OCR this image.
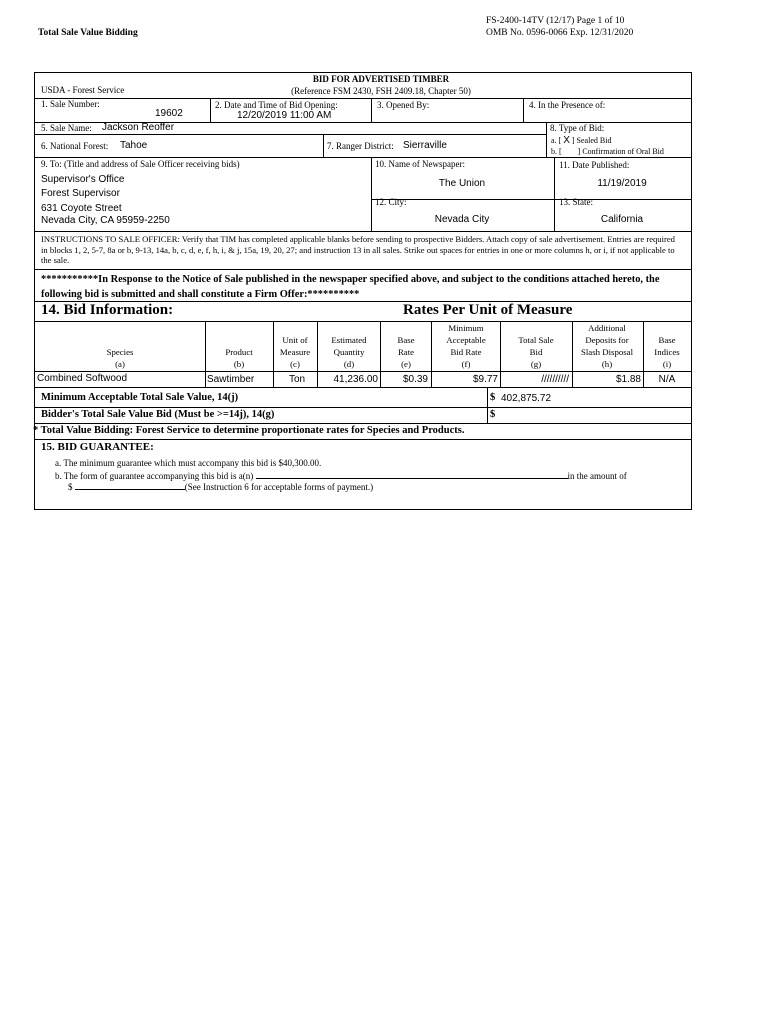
Total Sale Value Bidding
FS-2400-14TV (12/17) Page 1 of 10
OMB No. 0596-0066 Exp. 12/31/2020
USDA - Forest Service
BID FOR ADVERTISED TIMBER
(Reference FSM 2430, FSH 2409.18, Chapter 50)
1. Sale Number:
19602
2. Date and Time of Bid Opening:
12/20/2019 11:00 AM
3. Opened By:	4. In the Presence of:
5. Sale Name: Jackson Reoffer	8. Type of Bid:
a. [ X ] Sealed Bid
b. [ ] Confirmation of Oral Bid
6. National Forest: Tahoe	7. Ranger District: Sierraville
9. To: (Title and address of Sale Officer receiving bids)
Supervisor's Office
Forest Supervisor
631 Coyote Street
Nevada City, CA 95959-2250
10. Name of Newspaper:
The Union
11. Date Published:
11/19/2019
12. City:
Nevada City
13. State:
California
INSTRUCTIONS TO SALE OFFICER: Verify that TIM has completed applicable blanks before sending to prospective Bidders. Attach copy of sale advertisement. Entries are required in blocks 1, 2, 5-7, 8a or b, 9-13, 14a, b, c, d, e, f, h, i, & j, 15a, 19, 20, 27; and instruction 13 in all sales. Strike out spaces for entries in one or more columns h, or i, if not applicable to the sale.
***********In Response to the Notice of Sale published in the newspaper specified above, and subject to the conditions attached hereto, the following bid is submitted and shall constitute a Firm Offer:**********
14. Bid Information:	Rates Per Unit of Measure
Species
(a)
Product
(b)
Unit of
Measure
(c)
Estimated
Quantity
(d)
Base
Rate
(e)
Minimum
Acceptable
Bid Rate
(f)
Total Sale
Bid
(g)
Additional
Deposits for
Slash Disposal
(h)
Base
Indices
(i)
Combined Softwood	Sawtimber	Ton	41,236.00	$0.39	$9.77	//////////	$1.88 N/A
Minimum Acceptable Total Sale Value, 14(j)	$ 402,875.72
Bidder's Total Sale Value Bid (Must be >=14j), 14(g)	$
* Total Value Bidding: Forest Service to determine proportionate rates for Species and Products.
15. BID GUARANTEE:
a. The minimum guarantee which must accompany this bid is $40,300.00.
b. The form of guarantee accompanying this bid is a(n)	in the amount of
$	(See Instruction 6 for acceptable forms of payment.)
